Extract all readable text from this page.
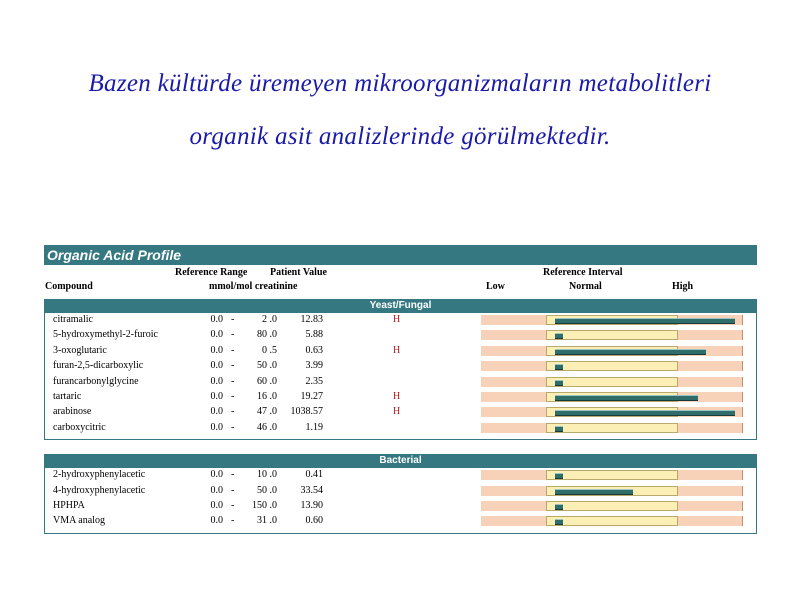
Bazen kültürde üremeyen mikroorganizmaların metabolitleri
organik asit analizlerinde görülmektedir.
Organic Acid Profile
Reference Range Patient Value
Compound	mmol/mol creatinine
Reference Interval
Low	Normal	High
Yeast/Fungal
citramalic	0.0 -	2 .0	12.83	H
5-hydroxymethyl-2-furoic	0.0 -	80 .0	5.88
3-oxoglutaric	0.0 -	0 .5	0.63	H
furan-2,5-dicarboxylic	0.0 -	50 .0	3.99
furancarbonylglycine	0.0 -	60 .0	2.35
tartaric	0.0 -	16 .0	19.27	H
arabinose	0.0 -	47 .0	1038.57	H
carboxycitric	0.0 -	46 .0	1.19
Bacterial
2-hydroxyphenylacetic	0.0 -	10 .0	0.41
4-hydroxyphenylacetic	0.0 -	50 .0	33.54
HPHPA	0.0 -	150 .0	13.90
VMA analog	0.0 -	31 .0	0.60
